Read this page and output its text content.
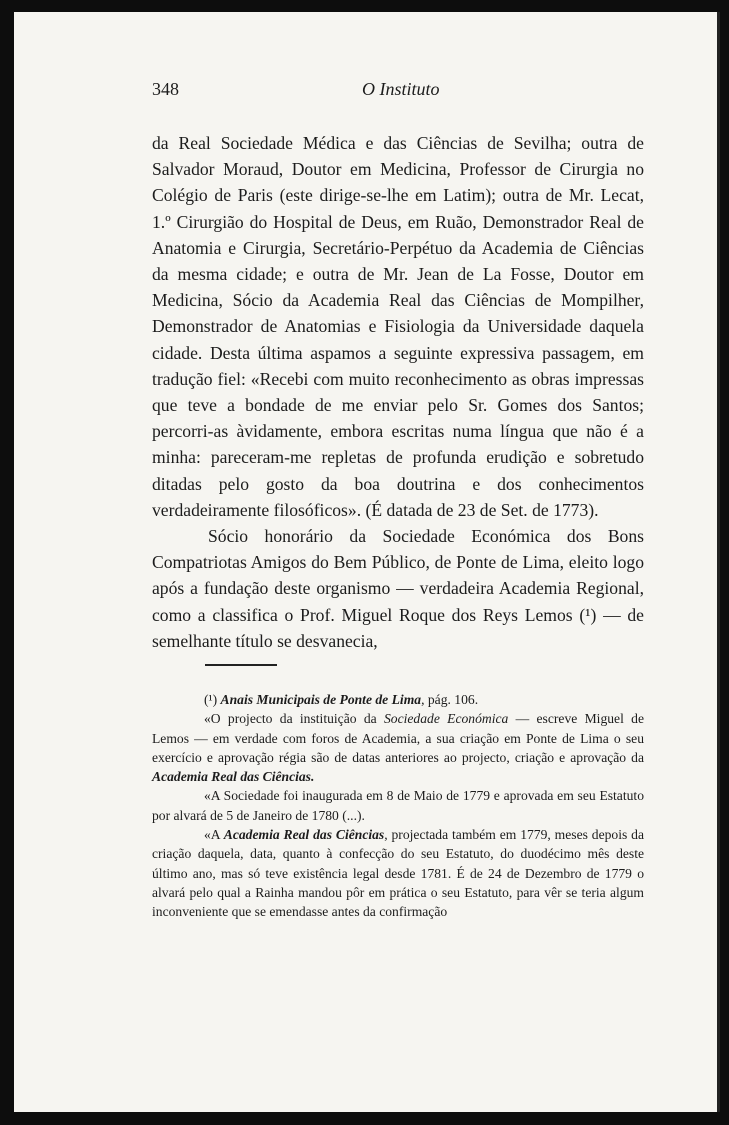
348	O Instituto

da Real Sociedade Médica e das Ciências de Sevilha; outra de Salvador Moraud, Doutor em Medicina, Professor de Cirurgia no Colégio de Paris (este dirige-se-lhe em Latim); outra de Mr. Lecat, 1.º Cirurgião do Hospital de Deus, em Ruão, Demonstrador Real de Anatomia e Cirurgia, Secretário-Perpétuo da Academia de Ciências da mesma cidade; e outra de Mr. Jean de La Fosse, Doutor em Medicina, Sócio da Academia Real das Ciências de Mompilher, Demonstrador de Anatomias e Fisiologia da Universidade daquela cidade. Desta última aspamos a seguinte expressiva passagem, em tradução fiel: «Recebi com muito reconhecimento as obras impressas que teve a bondade de me enviar pelo Sr. Gomes dos Santos; percorri-as àvidamente, embora escritas numa língua que não é a minha: pareceram-me repletas de profunda erudição e sobretudo ditadas pelo gosto da boa doutrina e dos conhecimentos verdadeiramente filosóficos». (É datada de 23 de Set. de 1773).

Sócio honorário da Sociedade Económica dos Bons Compatriotas Amigos do Bem Público, de Ponte de Lima, eleito logo após a fundação deste organismo — verdadeira Academia Regional, como a classifica o Prof. Miguel Roque dos Reys Lemos (¹) — de semelhante título se desvanecia,

(¹) Anais Municipais de Ponte de Lima, pág. 106.

«O projecto da instituição da Sociedade Económica — escreve Miguel de Lemos — em verdade com foros de Academia, a sua criação em Ponte de Lima o seu exercício e aprovação régia são de datas anteriores ao projecto, criação e aprovação da Academia Real das Ciências.

«A Sociedade foi inaugurada em 8 de Maio de 1779 e aprovada em seu Estatuto por alvará de 5 de Janeiro de 1780 (...).

«A Academia Real das Ciências, projectada também em 1779, meses depois da criação daquela, data, quanto à confecção do seu Estatuto, do duodécimo mês deste último ano, mas só teve existência legal desde 1781. É de 24 de Dezembro de 1779 o alvará pelo qual a Rainha mandou pôr em prática o seu Estatuto, para vêr se teria algum inconveniente que se emendasse antes da confirmação
